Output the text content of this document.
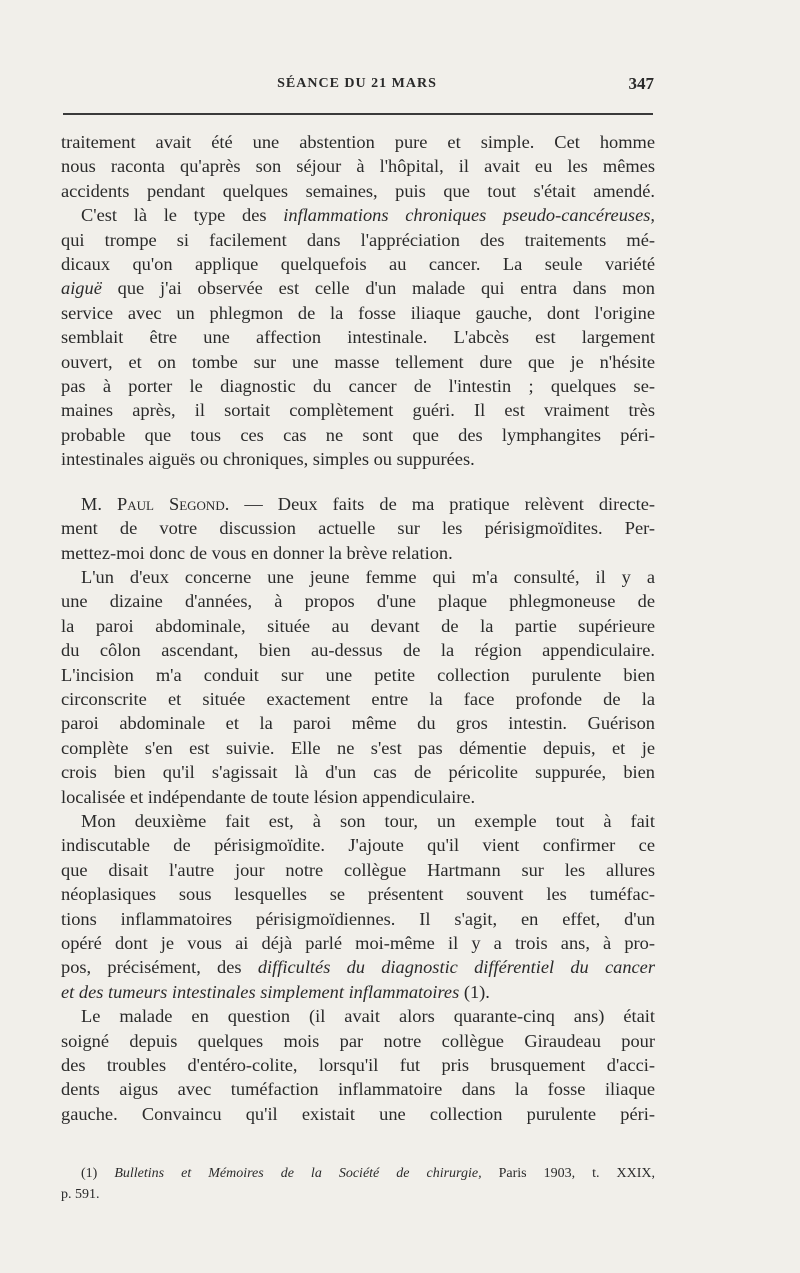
SÉANCE DU 21 MARS	347

traitement avait été une abstention pure et simple. Cet homme

nous raconta qu'après son séjour à l'hôpital, il avait eu les mêmes

accidents pendant quelques semaines, puis que tout s'était amendé.

C'est là le type des inflammations chroniques pseudo-cancéreuses,

qui trompe si facilement dans l'appréciation des traitements mé-

dicaux qu'on applique quelquefois au cancer. La seule variété

aiguë que j'ai observée est celle d'un malade qui entra dans mon

service avec un phlegmon de la fosse iliaque gauche, dont l'origine

semblait être une affection intestinale. L'abcès est largement

ouvert, et on tombe sur une masse tellement dure que je n'hésite

pas à porter le diagnostic du cancer de l'intestin ; quelques se-

maines après, il sortait complètement guéri. Il est vraiment très

probable que tous ces cas ne sont que des lymphangites péri-

intestinales aiguës ou chroniques, simples ou suppurées.

M. Paul Segond. — Deux faits de ma pratique relèvent directe-

ment de votre discussion actuelle sur les périsigmoïdites. Per-

mettez-moi donc de vous en donner la brève relation.

L'un d'eux concerne une jeune femme qui m'a consulté, il y a

une dizaine d'années, à propos d'une plaque phlegmoneuse de

la paroi abdominale, située au devant de la partie supérieure

du côlon ascendant, bien au-dessus de la région appendiculaire.

L'incision m'a conduit sur une petite collection purulente bien

circonscrite et située exactement entre la face profonde de la

paroi abdominale et la paroi même du gros intestin. Guérison

complète s'en est suivie. Elle ne s'est pas démentie depuis, et je

crois bien qu'il s'agissait là d'un cas de péricolite suppurée, bien

localisée et indépendante de toute lésion appendiculaire.

Mon deuxième fait est, à son tour, un exemple tout à fait

indiscutable de périsigmoïdite. J'ajoute qu'il vient confirmer ce

que disait l'autre jour notre collègue Hartmann sur les allures

néoplasiques sous lesquelles se présentent souvent les tuméfac-

tions inflammatoires périsigmoïdiennes. Il s'agit, en effet, d'un

opéré dont je vous ai déjà parlé moi-même il y a trois ans, à pro-

pos, précisément, des difficultés du diagnostic différentiel du cancer

et des tumeurs intestinales simplement inflammatoires (1).

Le malade en question (il avait alors quarante-cinq ans) était

soigné depuis quelques mois par notre collègue Giraudeau pour

des troubles d'entéro-colite, lorsqu'il fut pris brusquement d'acci-

dents aigus avec tuméfaction inflammatoire dans la fosse iliaque

gauche. Convaincu qu'il existait une collection purulente péri-

(1) Bulletins et Mémoires de la Société de chirurgie, Paris 1903, t. XXIX,

p. 591.
